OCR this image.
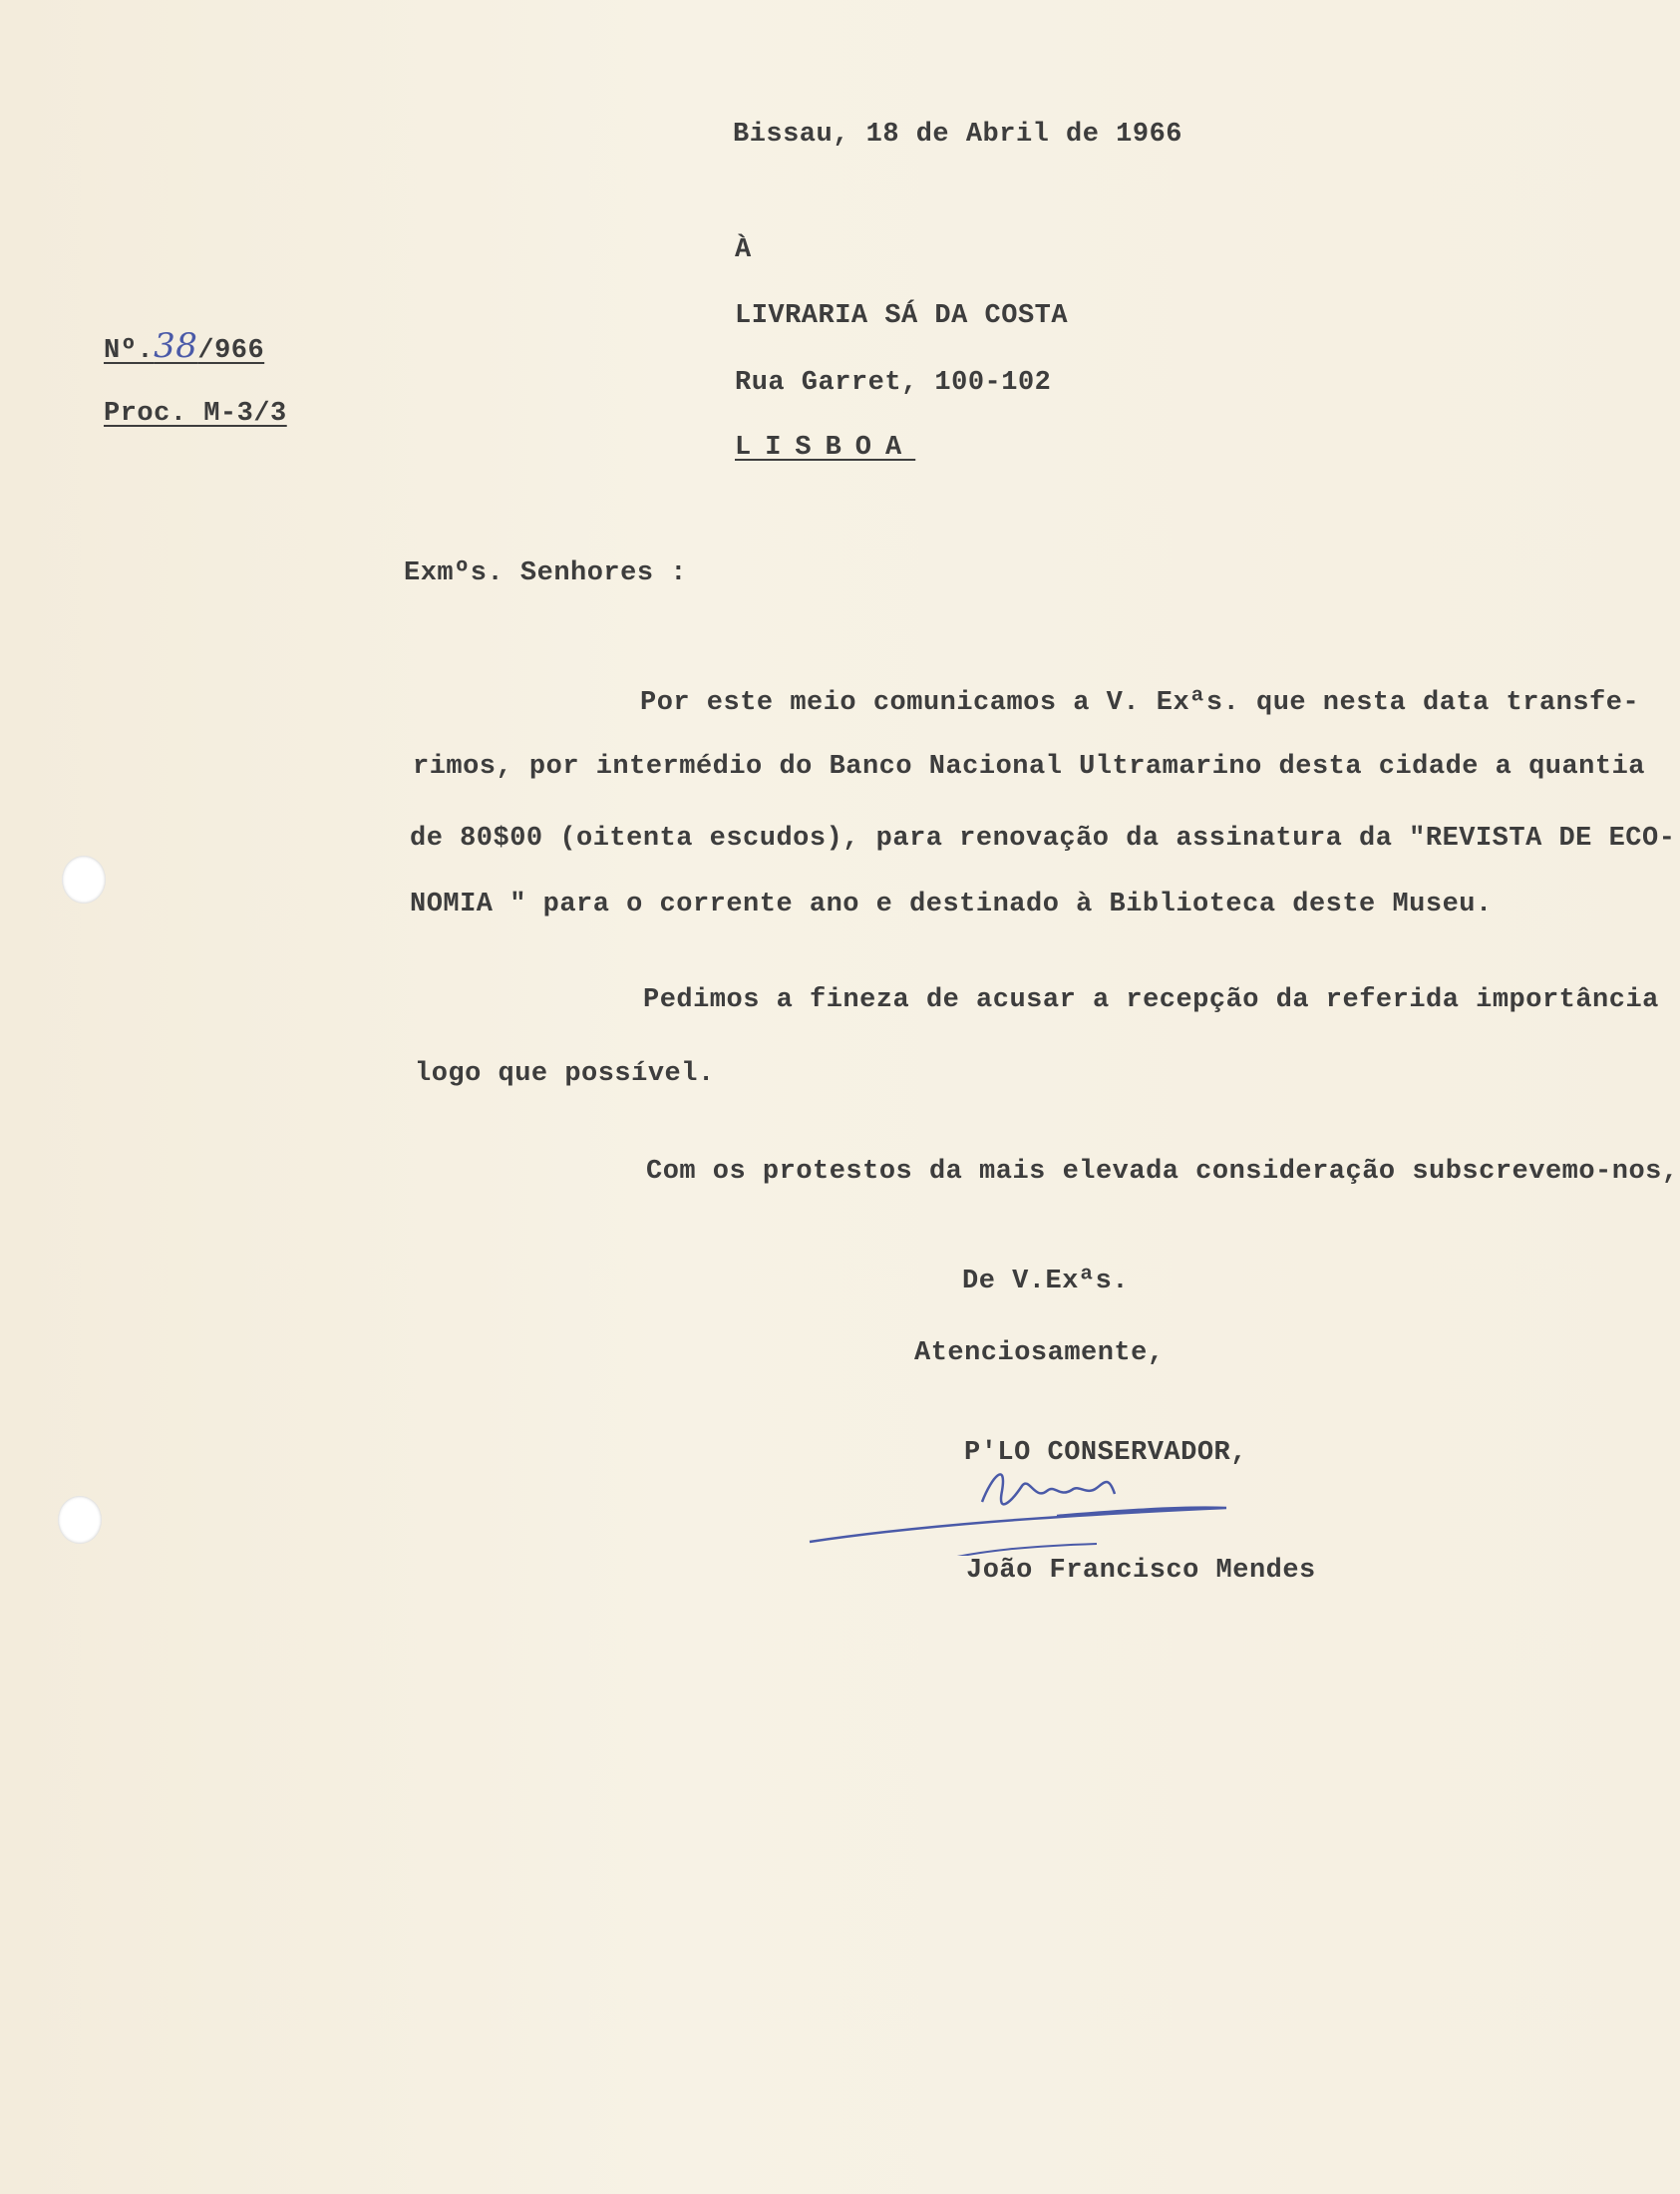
Bissau, 18 de Abril de 1966
À
LIVRARIA SÁ DA COSTA
Rua Garret, 100-102
LISBOA
Nº.38/966
Proc. M-3/3
Exmºs. Senhores :
Por este meio comunicamos a V. Exªs. que nesta data transfe-
rimos, por intermédio do Banco Nacional Ultramarino desta cidade a quantia
de 80$00 (oitenta escudos), para renovação da assinatura da "REVISTA DE ECO-
NOMIA " para o corrente ano e destinado à Biblioteca deste Museu.
Pedimos a fineza de acusar a recepção da referida importância
logo que possível.
Com os protestos da mais elevada consideração subscrevemo-nos,
De V.Exªs.
Atenciosamente,
P'LO CONSERVADOR,
João Francisco Mendes
